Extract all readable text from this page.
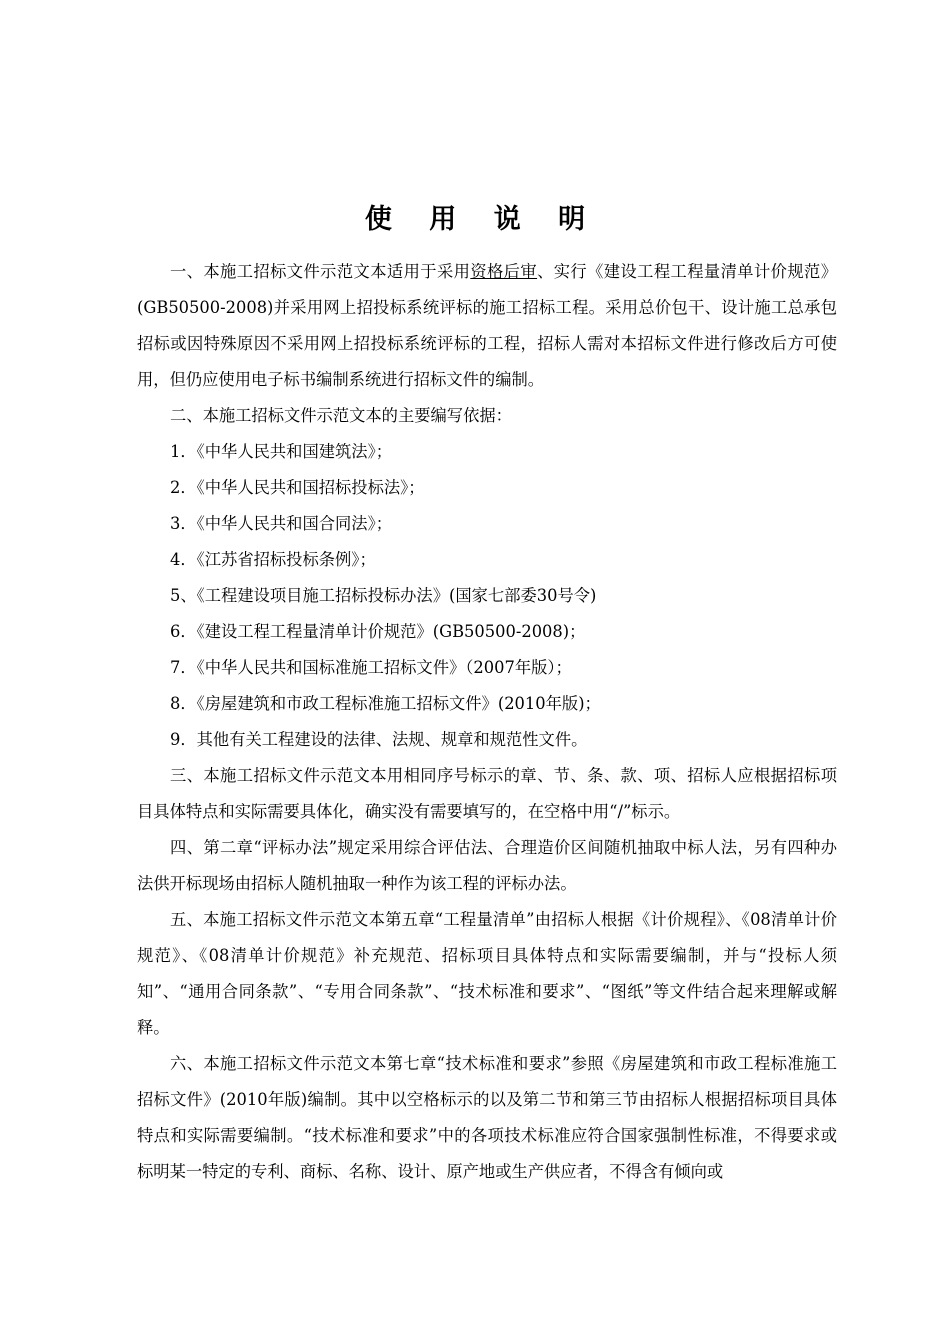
使 用 说 明

一、本施工招标文件示范文本适用于采用资格后审、实行《建设工程工程量清单计价规范》(GB50500-2008)并采用网上招投标系统评标的施工招标工程。采用总价包干、设计施工总承包招标或因特殊原因不采用网上招投标系统评标的工程，招标人需对本招标文件进行修改后方可使用，但仍应使用电子标书编制系统进行招标文件的编制。

二、本施工招标文件示范文本的主要编写依据：

1．《中华人民共和国建筑法》；

2．《中华人民共和国招标投标法》；

3．《中华人民共和国合同法》；

4．《江苏省招标投标条例》；

5、《工程建设项目施工招标投标办法》(国家七部委30号令)

6．《建设工程工程量清单计价规范》(GB50500-2008)；

7．《中华人民共和国标准施工招标文件》（2007年版）；

8．《房屋建筑和市政工程标准施工招标文件》(2010年版)；

9．其他有关工程建设的法律、法规、规章和规范性文件。

三、本施工招标文件示范文本用相同序号标示的章、节、条、款、项、招标人应根据招标项目具体特点和实际需要具体化，确实没有需要填写的，在空格中用“/”标示。

四、第二章“评标办法”规定采用综合评估法、合理造价区间随机抽取中标人法，另有四种办法供开标现场由招标人随机抽取一种作为该工程的评标办法。

五、本施工招标文件示范文本第五章“工程量清单”由招标人根据《计价规程》、《08清单计价规范》、《08清单计价规范》补充规范、招标项目具体特点和实际需要编制，并与“投标人须知”、“通用合同条款”、“专用合同条款”、“技术标准和要求”、“图纸”等文件结合起来理解或解释。

六、本施工招标文件示范文本第七章“技术标准和要求”参照《房屋建筑和市政工程标准施工招标文件》(2010年版)编制。其中以空格标示的以及第二节和第三节由招标人根据招标项目具体特点和实际需要编制。“技术标准和要求”中的各项技术标准应符合国家强制性标准，不得要求或标明某一特定的专利、商标、名称、设计、原产地或生产供应者，不得含有倾向或
